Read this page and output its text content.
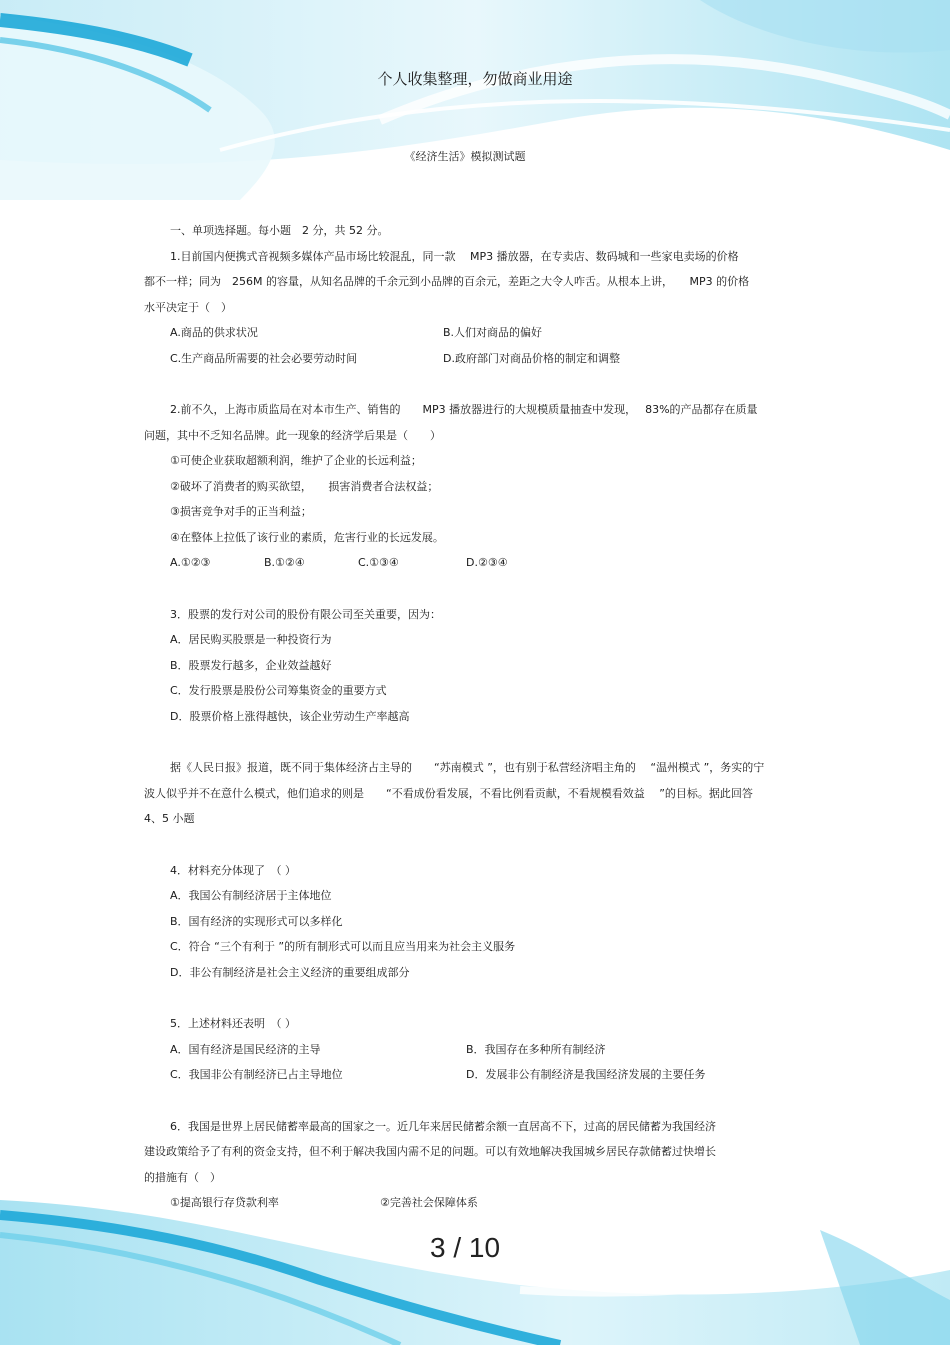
个人收集整理，勿做商业用途
《经济生活》模拟测试题

一、单项选择题。每小题　2 分，共 52 分。

1.目前国内便携式音视频多媒体产品市场比较混乱，同一款　 MP3 播放器，在专卖店、数码城和一些家电卖场的价格

都不一样；同为　256M 的容量，从知名品牌的千余元到小品牌的百余元，差距之大令人咋舌。从根本上讲，　　MP3 的价格

水平决定于（　）

A.商品的供求状况	B.人们对商品的偏好
C.生产商品所需要的社会必要劳动时间	D.政府部门对商品价格的制定和调整

2.前不久，上海市质监局在对本市生产、销售的　　MP3 播放器进行的大规模质量抽查中发现，　 83%的产品都存在质量

问题，其中不乏知名品牌。此一现象的经济学后果是（　　）

①可使企业获取超额利润，维护了企业的长远利益；

②破坏了消费者的购买欲望，　　损害消费者合法权益；

③损害竞争对手的正当利益；

④在整体上拉低了该行业的素质，危害行业的长远发展。

A.①②③	B.①②④	C.①③④	D.②③④

3．股票的发行对公司的股份有限公司至关重要，因为：

A．居民购买股票是一种投资行为

B．股票发行越多，企业效益越好

C．发行股票是股份公司筹集资金的重要方式

D．股票价格上涨得越快，该企业劳动生产率越高

据《人民日报》报道，既不同于集体经济占主导的　　“苏南模式 ”，也有别于私营经济唱主角的　 “温州模式 ”，务实的宁

波人似乎并不在意什么模式，他们追求的则是　　“不看成份看发展，不看比例看贡献，不看规模看效益　 ”的目标。据此回答

4、5 小题

4．材料充分体现了　（ ）

A．我国公有制经济居于主体地位

B．国有经济的实现形式可以多样化

C．符合 “三个有利于 ”的所有制形式可以而且应当用来为社会主义服务

D．非公有制经济是社会主义经济的重要组成部分

5．上述材料还表明　（ ）

A．国有经济是国民经济的主导	B．我国存在多种所有制经济
C．我国非公有制经济已占主导地位	D．发展非公有制经济是我国经济发展的主要任务

6．我国是世界上居民储蓄率最高的国家之一。近几年来居民储蓄余额一直居高不下，过高的居民储蓄为我国经济

建设政策给予了有利的资金支持，但不利于解决我国内需不足的问题。可以有效地解决我国城乡居民存款储蓄过快增长

的措施有（　）

①提高银行存贷款利率	②完善社会保障体系
3 / 10
